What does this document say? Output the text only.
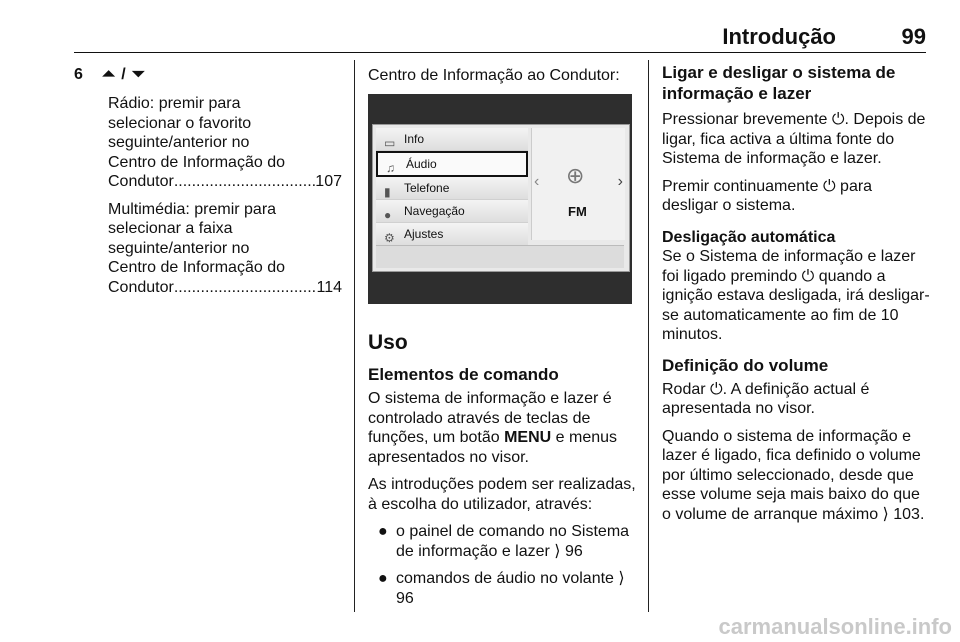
Introdução	99
6 ⏶ / ⏷
Rádio: premir para
selecionar o favorito
seguinte/anterior no
Centro de Informação do
Condutor .....	107
Multimédia: premir para
selecionar a faixa
seguinte/anterior no
Centro de Informação do
Condutor .....	114

Centro de Informação ao Condutor:

▭ Info
♫ Áudio
▮ Telefone
● Navegação
⚙ Ajustes
‹ ⊕
FM
›
Uso
Elementos de comando

O sistema de informação e lazer é controlado através de teclas de funções, um botão MENU e menus apresentados no visor.

As introduções podem ser realizadas, à escolha do utilizador, através:

● o painel de comando no Sistema de informação e lazer ⟩ 96
● comandos de áudio no volante ⟩ 96
Ligar e desligar o sistema de informação e lazer

Pressionar brevemente ⏻. Depois de ligar, fica activa a última fonte do Sistema de informação e lazer.

Premir continuamente ⏻ para desligar o sistema.

Desligação automática

Se o Sistema de informação e lazer foi ligado premindo ⏻ quando a ignição estava desligada, irá desligar-se automaticamente ao fim de 10 minutos.

Definição do volume

Rodar ⏻. A definição actual é apresentada no visor.

Quando o sistema de informação e lazer é ligado, fica definido o volume por último seleccionado, desde que esse volume seja mais baixo do que o volume de arranque máximo ⟩ 103.

carmanualsonline.info
